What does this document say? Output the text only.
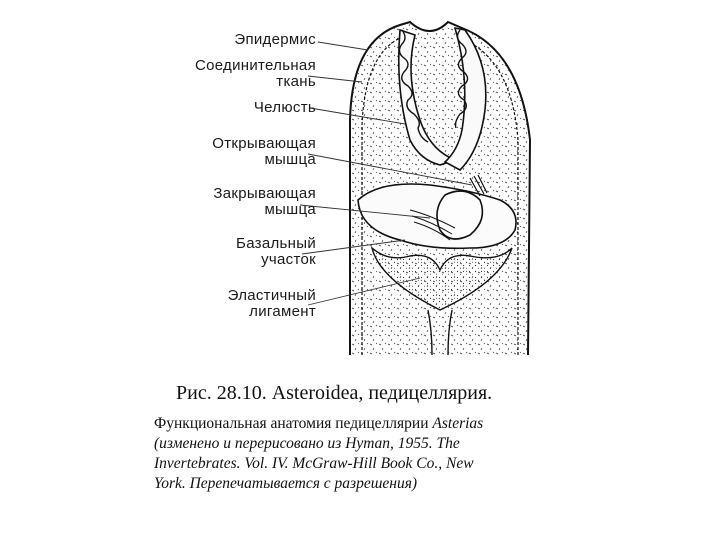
Эпидермис
Соединительная
ткань
Челюсть
Открывающая
мышца
Закрывающая
мышца
Базальный
участок
Эластичный
лигамент
Рис. 28.10. Asteroidea, педицеллярия.
Функциональная анатомия педицеллярии Asterias
(изменено и перерисовано из Hyman, 1955. The
Invertebrates. Vol. IV. McGraw-Hill Book Co., New
York. Перепечатывается с разрешения)
